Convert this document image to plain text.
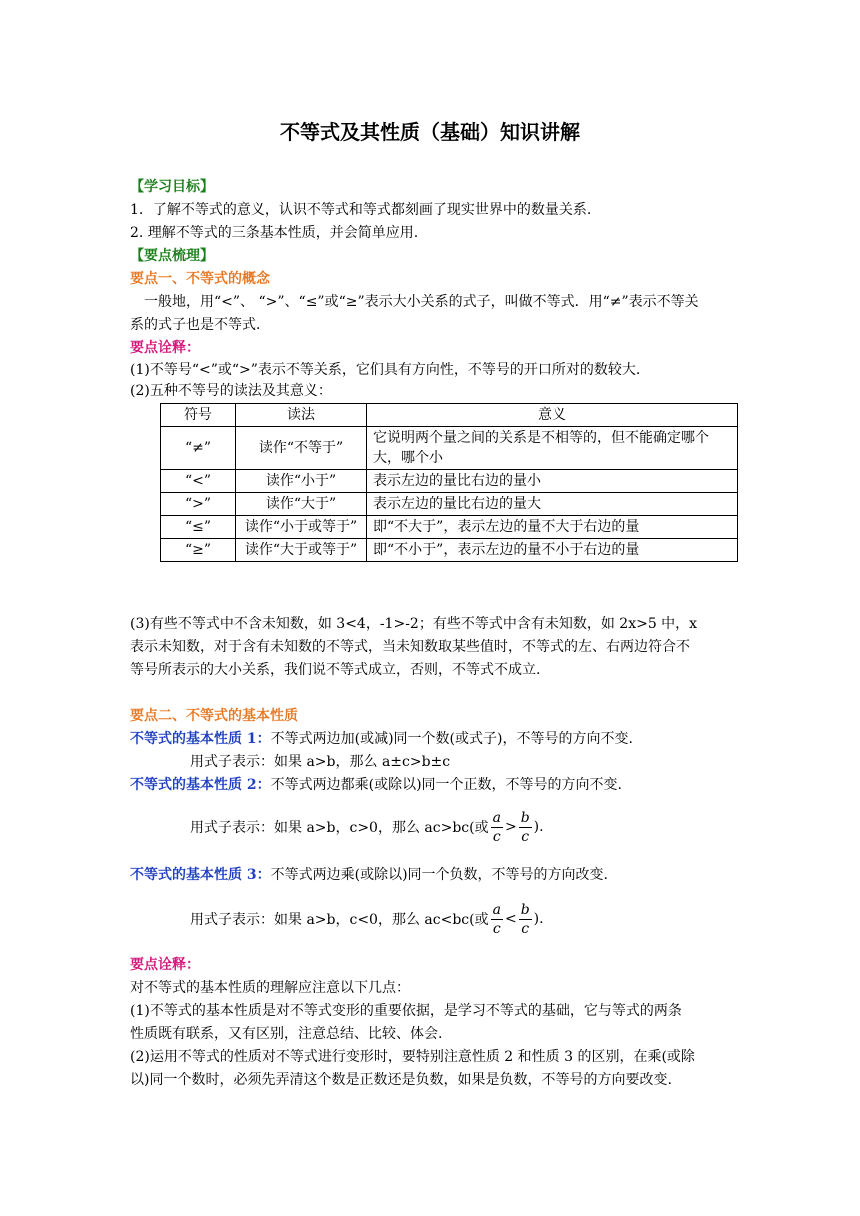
不等式及其性质（基础）知识讲解
【学习目标】
1．了解不等式的意义，认识不等式和等式都刻画了现实世界中的数量关系.
2. 理解不等式的三条基本性质，并会简单应用.
【要点梳理】
要点一、不等式的概念
一般地，用“<”、 “>”、“≤”或“≥”表示大小关系的式子，叫做不等式．用“≠”表示不等关
系的式子也是不等式．
要点诠释：
(1)不等号“<”或“>”表示不等关系，它们具有方向性，不等号的开口所对的数较大.
(2)五种不等号的读法及其意义：
符号	读法	意义
“≠”	读作“不等于”	它说明两个量之间的关系是不相等的，但不能确定哪个大，哪个小
“<”	读作“小于”	表示左边的量比右边的量小
“>”	读作“大于”	表示左边的量比右边的量大
“≤”	读作“小于或等于”	即“不大于”，表示左边的量不大于右边的量
“≥”	读作“大于或等于”	即“不小于”，表示左边的量不小于右边的量
(3)有些不等式中不含未知数，如 3<4，-1>-2；有些不等式中含有未知数，如 2x>5 中，x
表示未知数，对于含有未知数的不等式，当未知数取某些值时，不等式的左、右两边符合不
等号所表示的大小关系，我们说不等式成立，否则，不等式不成立.
要点二、不等式的基本性质
不等式的基本性质 1：不等式两边加(或减)同一个数(或式子)，不等号的方向不变.
用式子表示：如果 a>b，那么 a±c>b±c
不等式的基本性质 2：不等式两边都乘(或除以)同一个正数，不等号的方向不变.
用式子表示：如果 a>b，c>0，那么 ac>bc(或 $\frac{a}{c} > \frac{b}{c}$ ).
不等式的基本性质 3：不等式两边乘(或除以)同一个负数，不等号的方向改变.
用式子表示：如果 a>b，c<0，那么 ac<bc(或 $\frac{a}{c} < \frac{b}{c}$ ).
要点诠释：
对不等式的基本性质的理解应注意以下几点：
(1)不等式的基本性质是对不等式变形的重要依据，是学习不等式的基础，它与等式的两条
性质既有联系，又有区别，注意总结、比较、体会.
(2)运用不等式的性质对不等式进行变形时，要特别注意性质 2 和性质 3 的区别，在乘(或除
以)同一个数时，必须先弄清这个数是正数还是负数，如果是负数，不等号的方向要改变.
